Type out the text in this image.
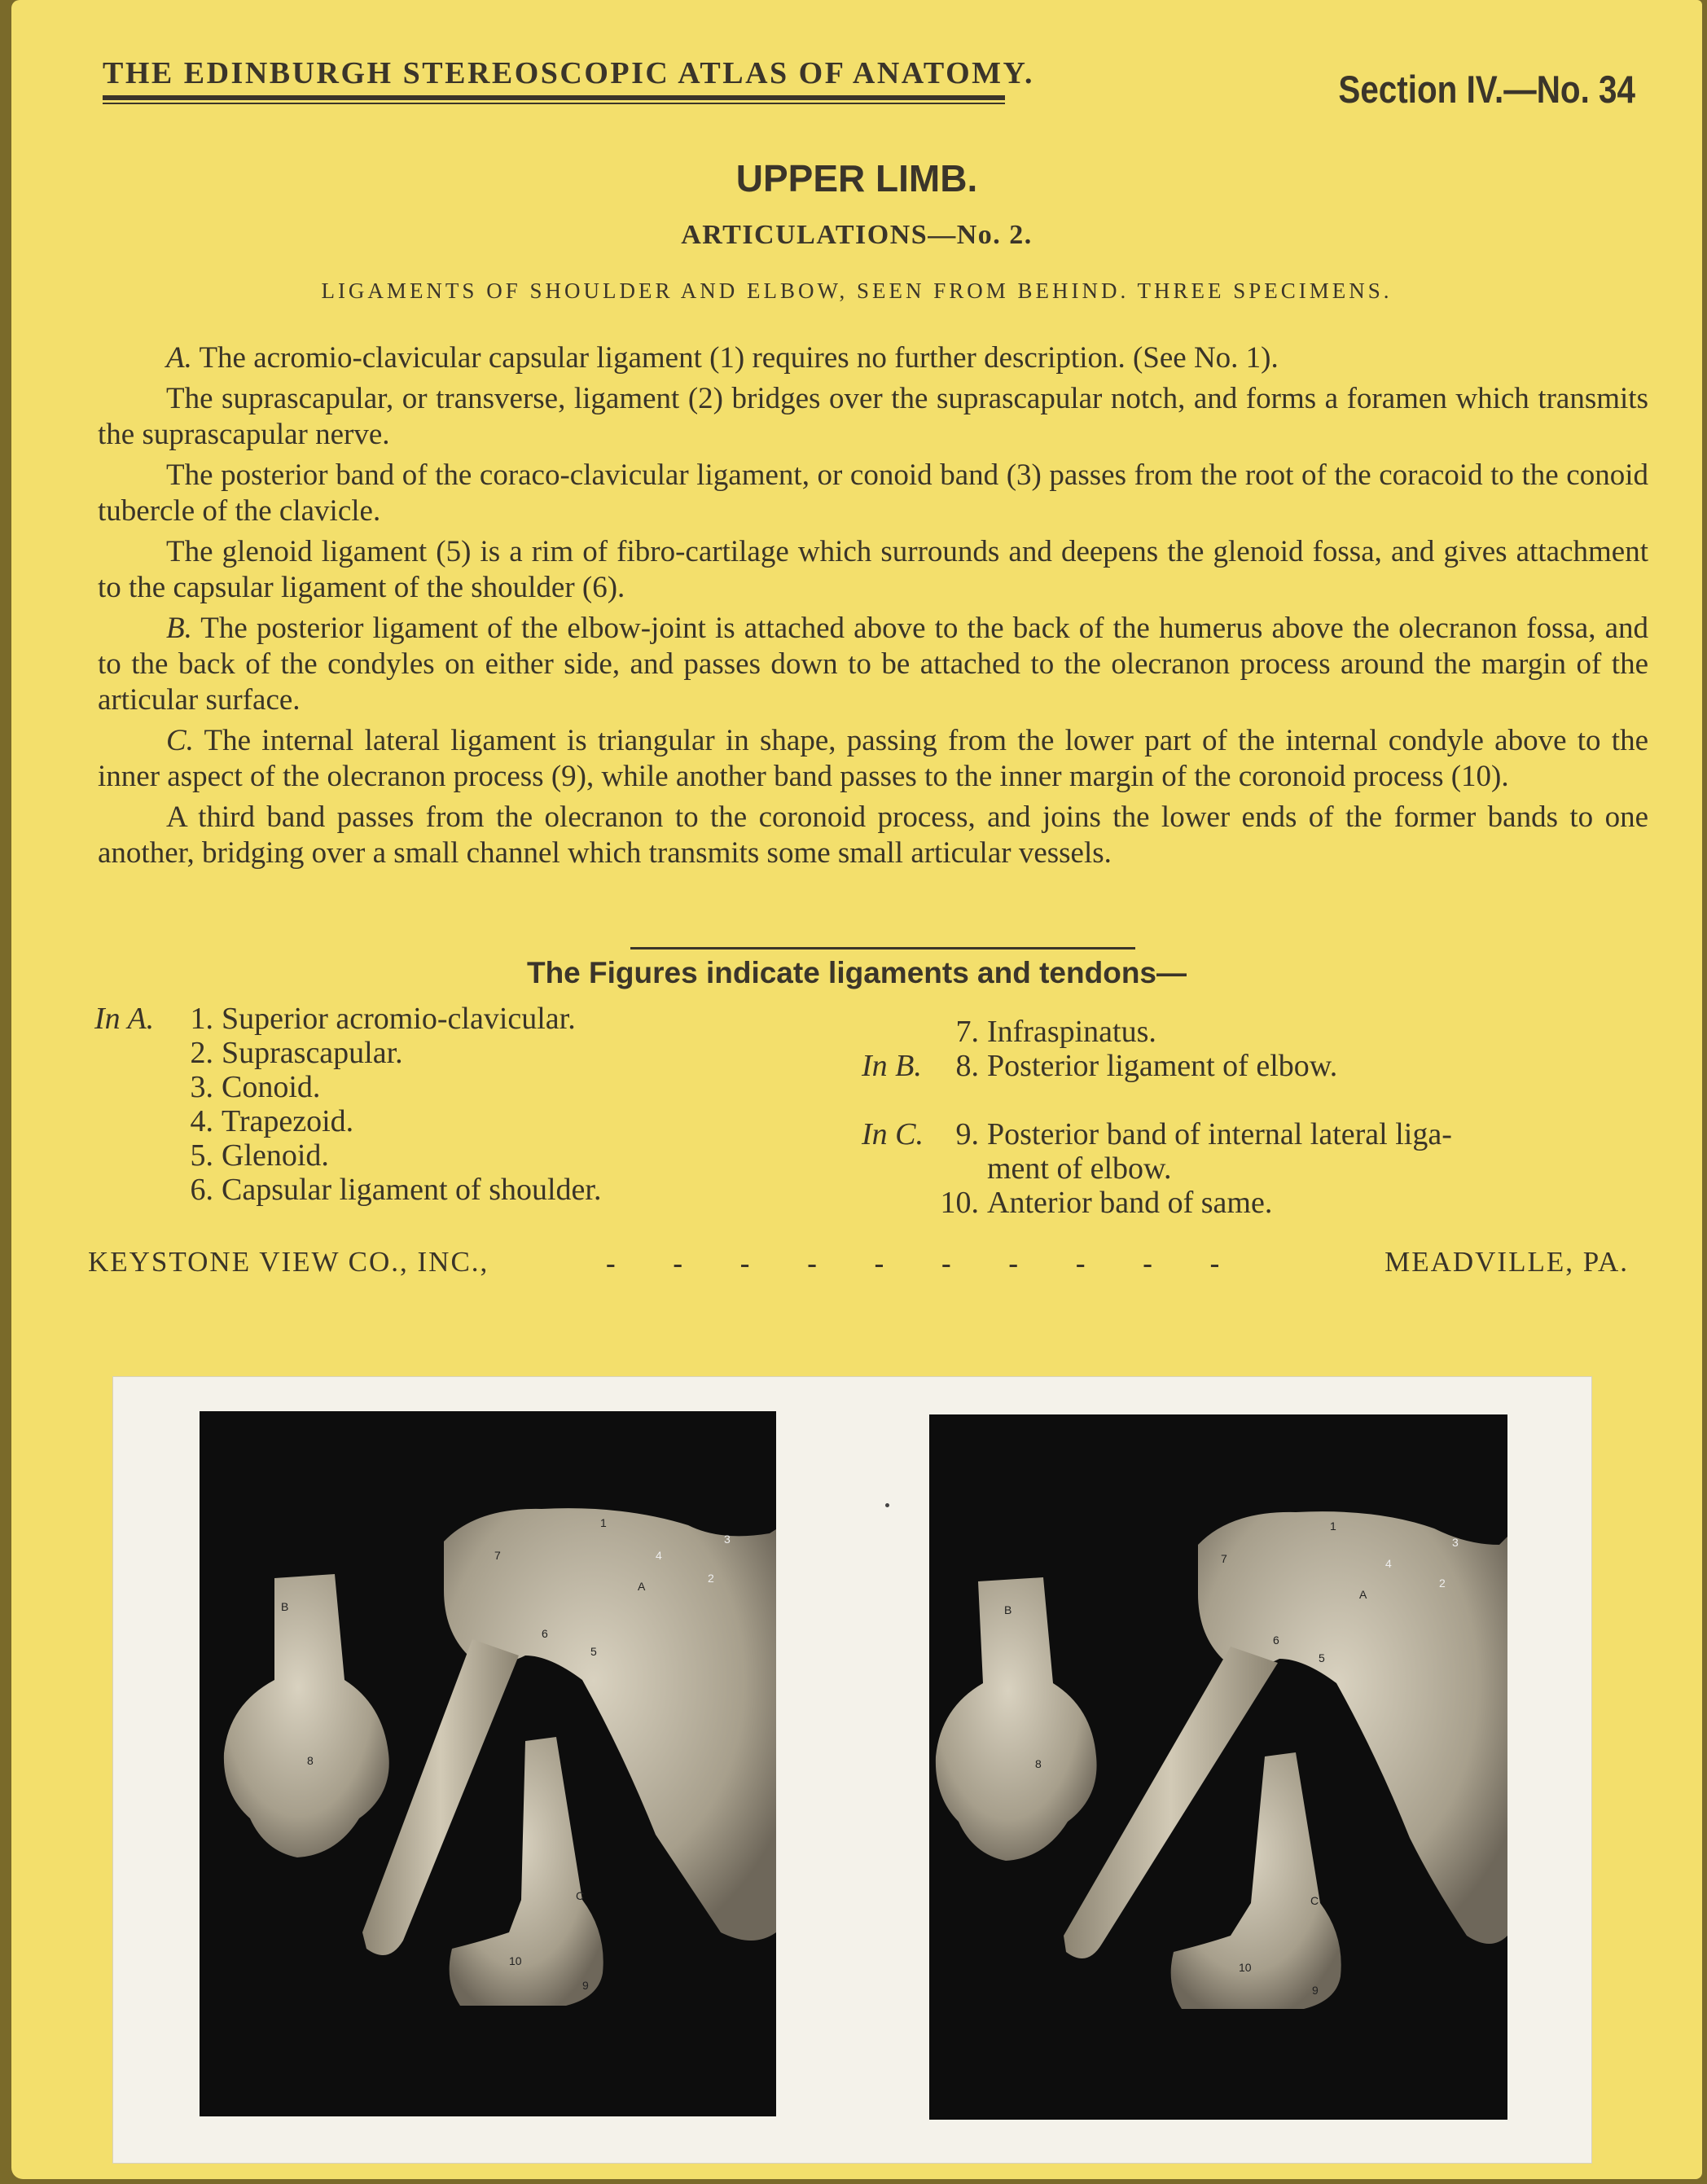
THE EDINBURGH STEREOSCOPIC ATLAS OF ANATOMY.	Section IV.—No. 34
UPPER LIMB.
ARTICULATIONS—No. 2.
LIGAMENTS OF SHOULDER AND ELBOW, SEEN FROM BEHIND. THREE SPECIMENS.

A. The acromio-clavicular capsular ligament (1) requires no further description. (See No. 1).

The suprascapular, or transverse, ligament (2) bridges over the suprascapular notch, and forms a foramen which transmits the suprascapular nerve.

The posterior band of the coraco-clavicular ligament, or conoid band (3) passes from the root of the coracoid to the conoid tubercle of the clavicle.

The glenoid ligament (5) is a rim of fibro-cartilage which surrounds and deepens the glenoid fossa, and gives attachment to the capsular ligament of the shoulder (6).

B. The posterior ligament of the elbow-joint is attached above to the back of the humerus above the olecranon fossa, and to the back of the condyles on either side, and passes down to be attached to the olecranon process around the margin of the articular surface.

C. The internal lateral ligament is triangular in shape, passing from the lower part of the internal condyle above to the inner aspect of the olecranon process (9), while another band passes to the inner margin of the coronoid process (10).

A third band passes from the olecranon to the coronoid process, and joins the lower ends of the former bands to one another, bridging over a small channel which transmits some small articular vessels.

The Figures indicate ligaments and tendons—
In A.	1. Superior acromio-clavicular.
2. Suprascapular.
3. Conoid.
4. Trapezoid.
5. Glenoid.
6. Capsular ligament of shoulder.
7. Infraspinatus.
In B.	8. Posterior ligament of elbow.
In C.	9. Posterior band of internal lateral liga-
ment of elbow.
10. Anterior band of same.
KEYSTONE VIEW CO., INC.,	- - - - - - - - - -	MEADVILLE, PA.
B
8
1
3
4
2
7
A
6
5
C
10
9
B
8
1
3
4
2
7
A
6
5
C
10
9
